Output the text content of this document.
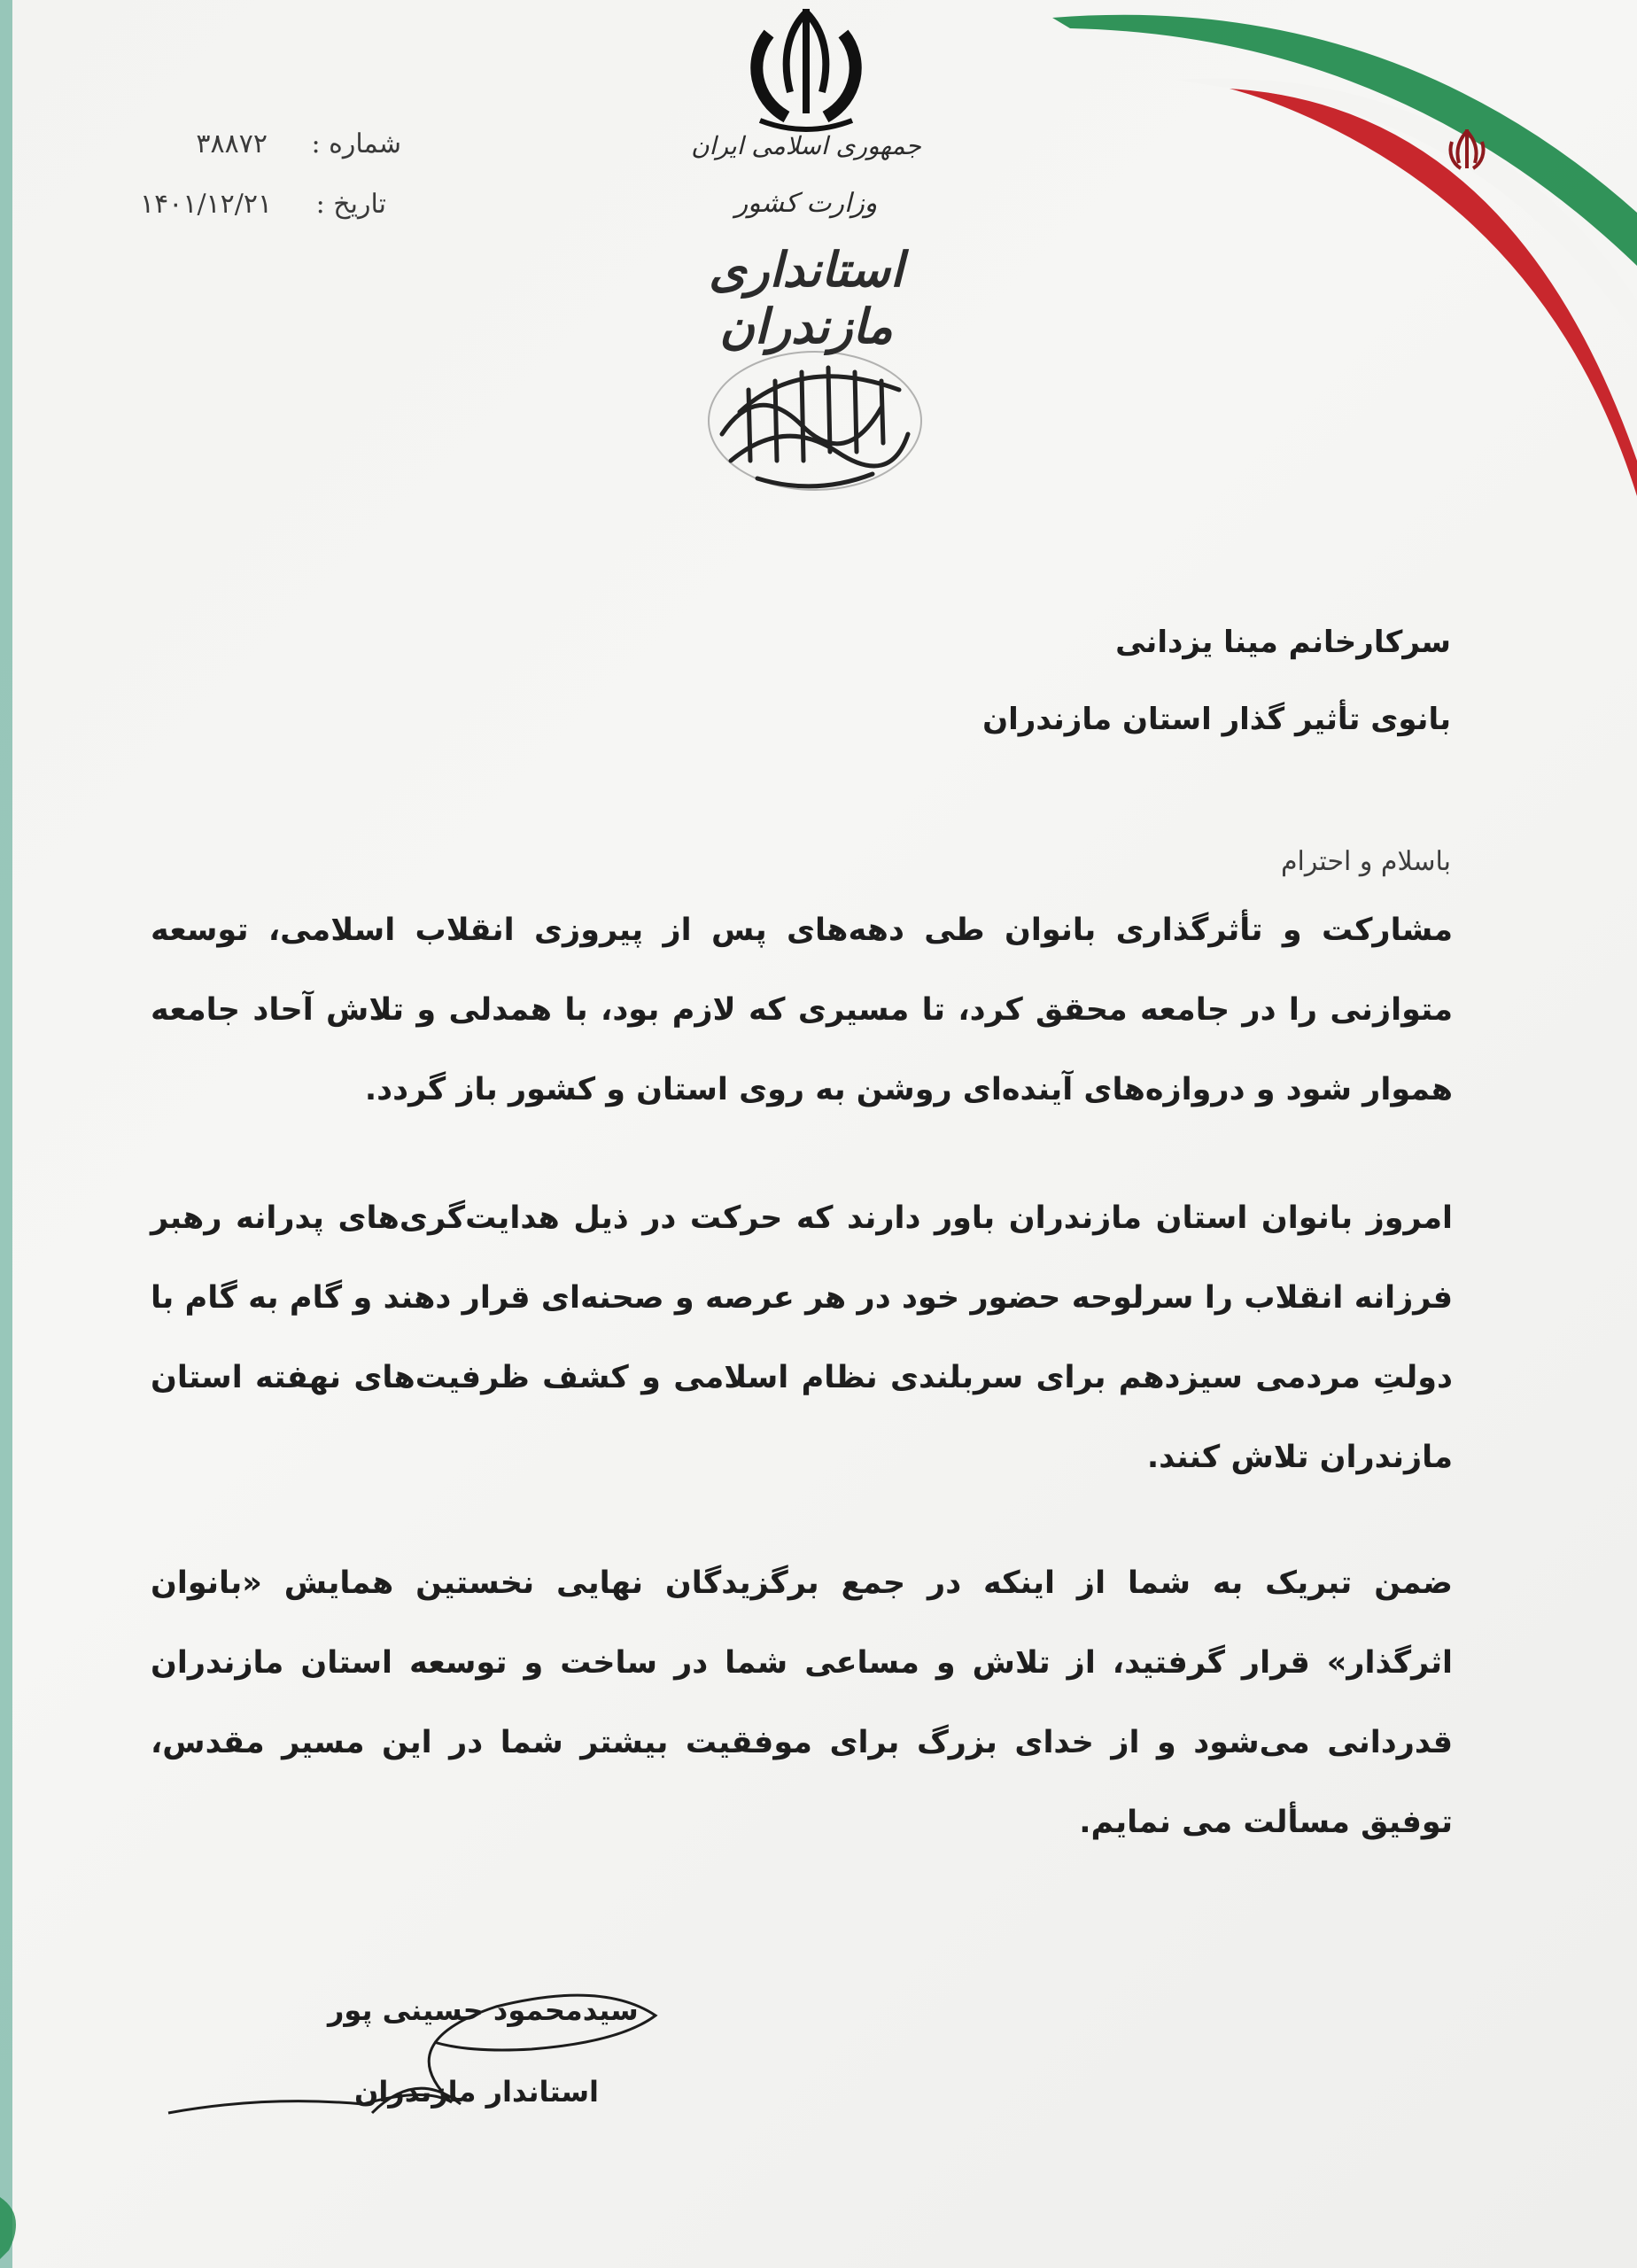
جمهوری اسلامی ایران
وزارت کشور
استانداری مازندران
شماره : ۳۸۸۷۲
تاریخ : ۱۴۰۱/۱۲/۲۱
سرکارخانم مینا یزدانی
بانوی تأثیر گذار استان مازندران
باسلام و احترام
مشارکت و تأثرگذاری بانوان طی دهه‌های پس از پیروزی انقلاب اسلامی، توسعه متوازنی را در جامعه محقق کرد، تا مسیری که لازم بود، با همدلی و تلاش آحاد جامعه هموار شود و دروازه‌های آینده‌ای روشن به روی استان و کشور باز گردد.
امروز بانوان استان مازندران باور دارند که حرکت در ذیل هدایت‌گری‌های پدرانه رهبر فرزانه انقلاب را سرلوحه حضور خود در هر عرصه و صحنه‌ای قرار دهند و گام به گام با دولتِ مردمی سیزدهم برای سربلندی نظام اسلامی و کشف ظرفیت‌های نهفته استان مازندران تلاش کنند.
ضمن تبریک به شما از اینکه در جمع برگزیدگان نهایی نخستین همایش «بانوان اثرگذار» قرار گرفتید، از تلاش و مساعی شما در ساخت و توسعه استان مازندران قدردانی می‌شود و از خدای بزرگ برای موفقیت بیشتر شما در این مسیر مقدس، توفیق مسألت می نمایم.
سیدمحمود حسینی پور
استاندار مازندران
